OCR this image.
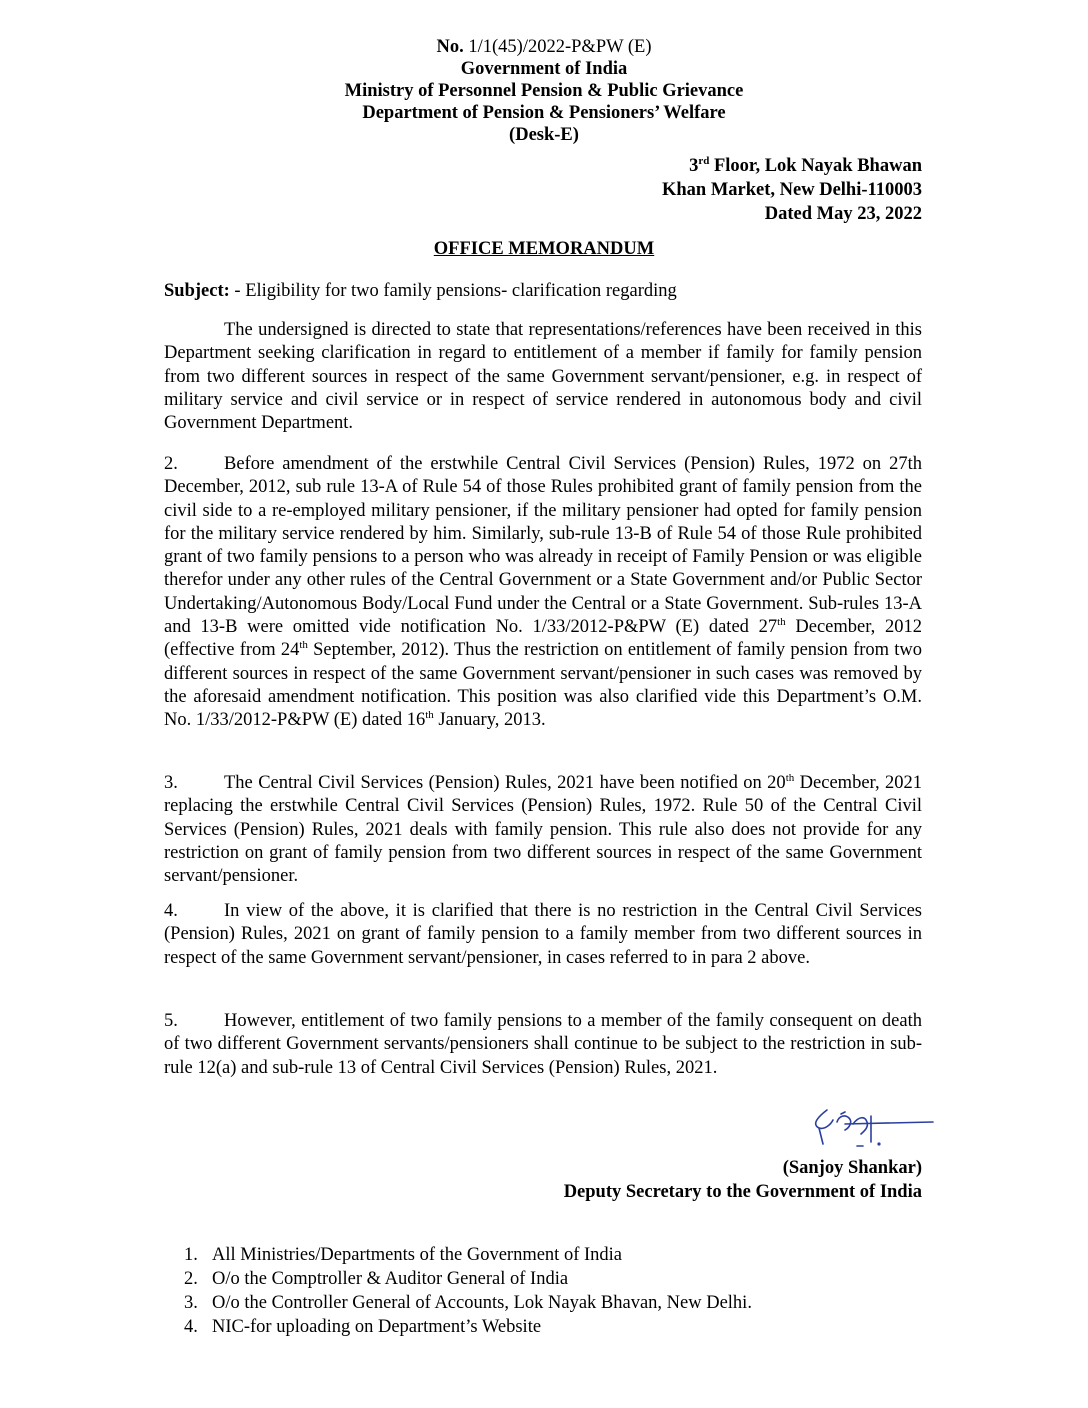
No. 1/1(45)/2022-P&PW (E)
Government of India
Ministry of Personnel Pension & Public Grievance
Department of Pension & Pensioners’ Welfare
(Desk-E)
3rd Floor, Lok Nayak Bhawan
Khan Market, New Delhi-110003
Dated May 23, 2022
OFFICE MEMORANDUM
Subject: - Eligibility for two family pensions- clarification regarding

The undersigned is directed to state that representations/references have been received in this Department seeking clarification in regard to entitlement of a member if family for family pension from two different sources in respect of the same Government servant/pensioner, e.g. in respect of military service and civil service or in respect of service rendered in autonomous body and civil Government Department.

2. Before amendment of the erstwhile Central Civil Services (Pension) Rules, 1972 on 27th December, 2012, sub rule 13-A of Rule 54 of those Rules prohibited grant of family pension from the civil side to a re-employed military pensioner, if the military pensioner had opted for family pension for the military service rendered by him. Similarly, sub-rule 13-B of Rule 54 of those Rule prohibited grant of two family pensions to a person who was already in receipt of Family Pension or was eligible therefor under any other rules of the Central Government or a State Government and/or Public Sector Undertaking/Autonomous Body/Local Fund under the Central or a State Government. Sub-rules 13-A and 13-B were omitted vide notification No. 1/33/2012-P&PW (E) dated 27th December, 2012 (effective from 24th September, 2012). Thus the restriction on entitlement of family pension from two different sources in respect of the same Government servant/pensioner in such cases was removed by the aforesaid amendment notification. This position was also clarified vide this Department’s O.M. No. 1/33/2012-P&PW (E) dated 16th January, 2013.

3. The Central Civil Services (Pension) Rules, 2021 have been notified on 20th December, 2021 replacing the erstwhile Central Civil Services (Pension) Rules, 1972. Rule 50 of the Central Civil Services (Pension) Rules, 2021 deals with family pension. This rule also does not provide for any restriction on grant of family pension from two different sources in respect of the same Government servant/pensioner.

4. In view of the above, it is clarified that there is no restriction in the Central Civil Services (Pension) Rules, 2021 on grant of family pension to a family member from two different sources in respect of the same Government servant/pensioner, in cases referred to in para 2 above.

5. However, entitlement of two family pensions to a member of the family consequent on death of two different Government servants/pensioners shall continue to be subject to the restriction in sub-rule 12(a) and sub-rule 13 of Central Civil Services (Pension) Rules, 2021.

(Sanjoy Shankar)
Deputy Secretary to the Government of India
1. All Ministries/Departments of the Government of India
2. O/o the Comptroller & Auditor General of India
3. O/o the Controller General of Accounts, Lok Nayak Bhavan, New Delhi.
4. NIC-for uploading on Department’s Website
